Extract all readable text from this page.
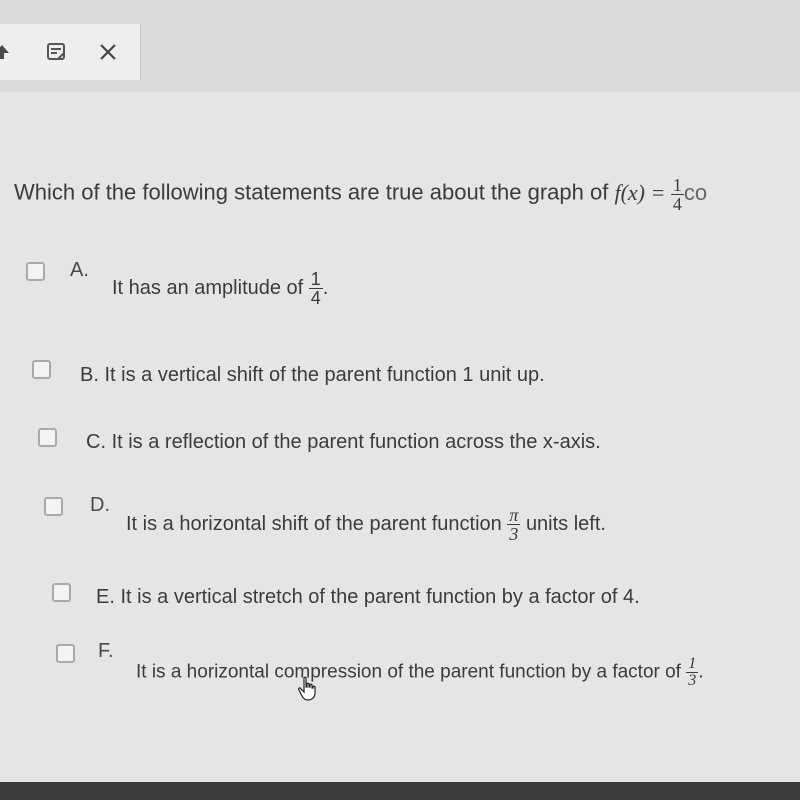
Which of the following statements are true about the graph of $f(x) = \frac{1}{4}$ co
A.
It has an amplitude of $\frac{1}{4}$ .
B. It is a vertical shift of the parent function 1 unit up.
C. It is a reflection of the parent function across the x-axis.
D.
It is a horizontal shift of the parent function $\frac{\pi}{3}$ units left.
E. It is a vertical stretch of the parent function by a factor of 4.
F.
It is a horizontal compression of the parent function by a factor of $\frac{1}{3}$ .
